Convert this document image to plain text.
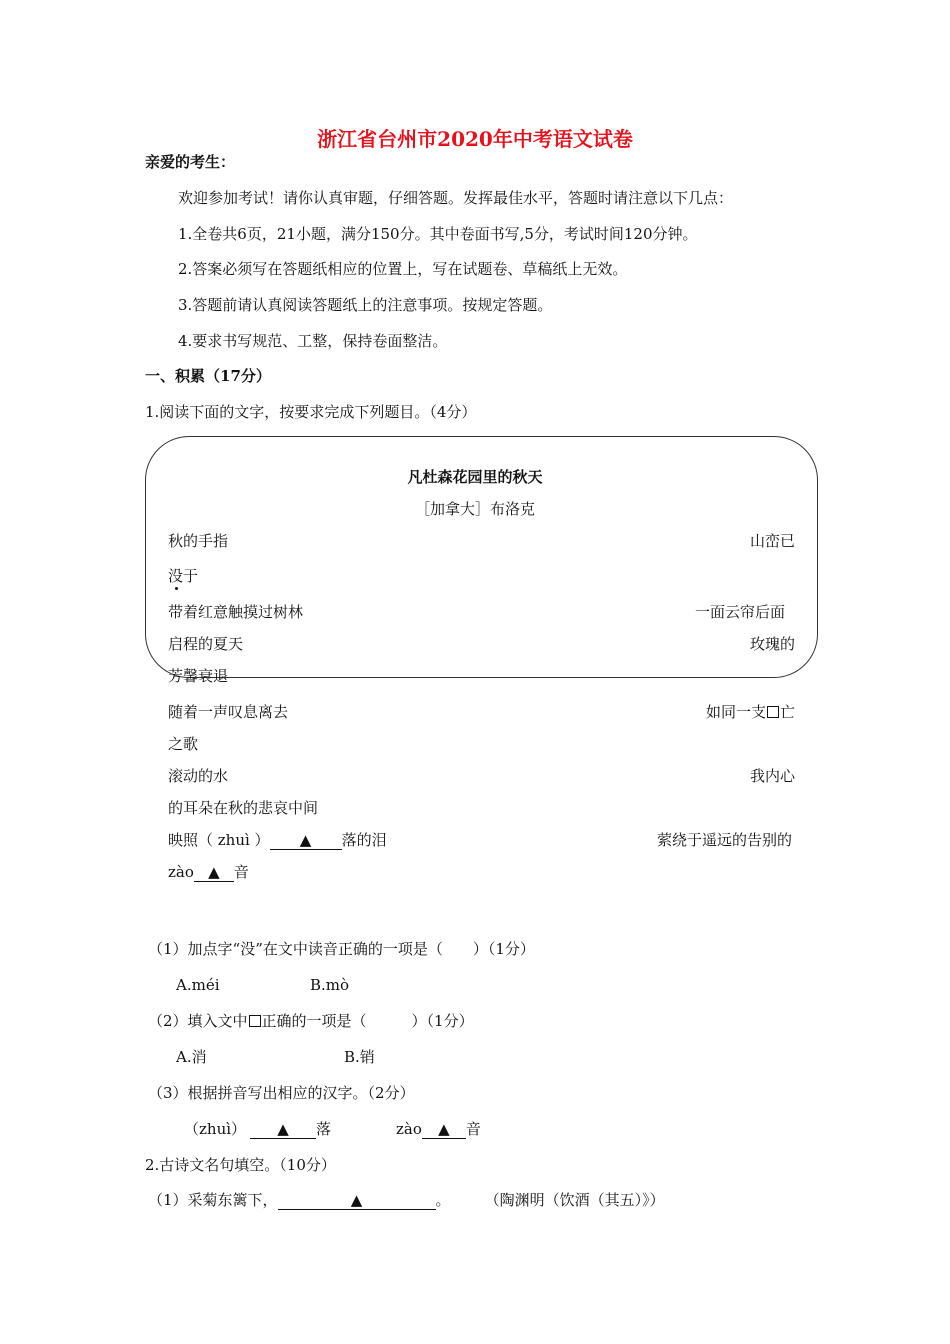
浙江省台州市2020年中考语文试卷
亲爱的考生：
欢迎参加考试！请你认真审题，仔细答题。发挥最佳水平，答题时请注意以下几点：
1.全卷共6页，21小题，满分150分。其中卷面书写,5分，考试时间120分钟。
2.答案必须写在答题纸相应的位置上，写在试题卷、草稿纸上无效。
3.答题前请认真阅读答题纸上的注意事项。按规定答题。
4.要求书写规范、工整，保持卷面整洁。
一、积累（17分）
1.阅读下面的文字，按要求完成下列题目。（4分）
凡杜森花园里的秋天
［加拿大］布洛克
秋的手指	山峦已
没于
带着红意触摸过树林	一面云帘后面
启程的夏天	玫瑰的
芳馨衰退
随着一声叹息离去	如同一支 亡
之歌
滚动的水	我内心
的耳朵在秋的悲哀中间
映照（ zhuì ） ▲ 落的泪	萦绕于遥远的告别的
zào ▲ 音
（1）加点字“没”在文中读音正确的一项是（　　）（1分）
A.méi	B.mò
（2）填入文中 正确的一项是（　　　）（1分）
A.消	B.销
（3）根据拼音写出相应的汉字。（2分）
（zhuì） ▲ 落	zào ▲ 音
2.古诗文名句填空。（10分）
（1）采菊东篱下，	▲	。 （陶渊明（饮酒（其五）》）
